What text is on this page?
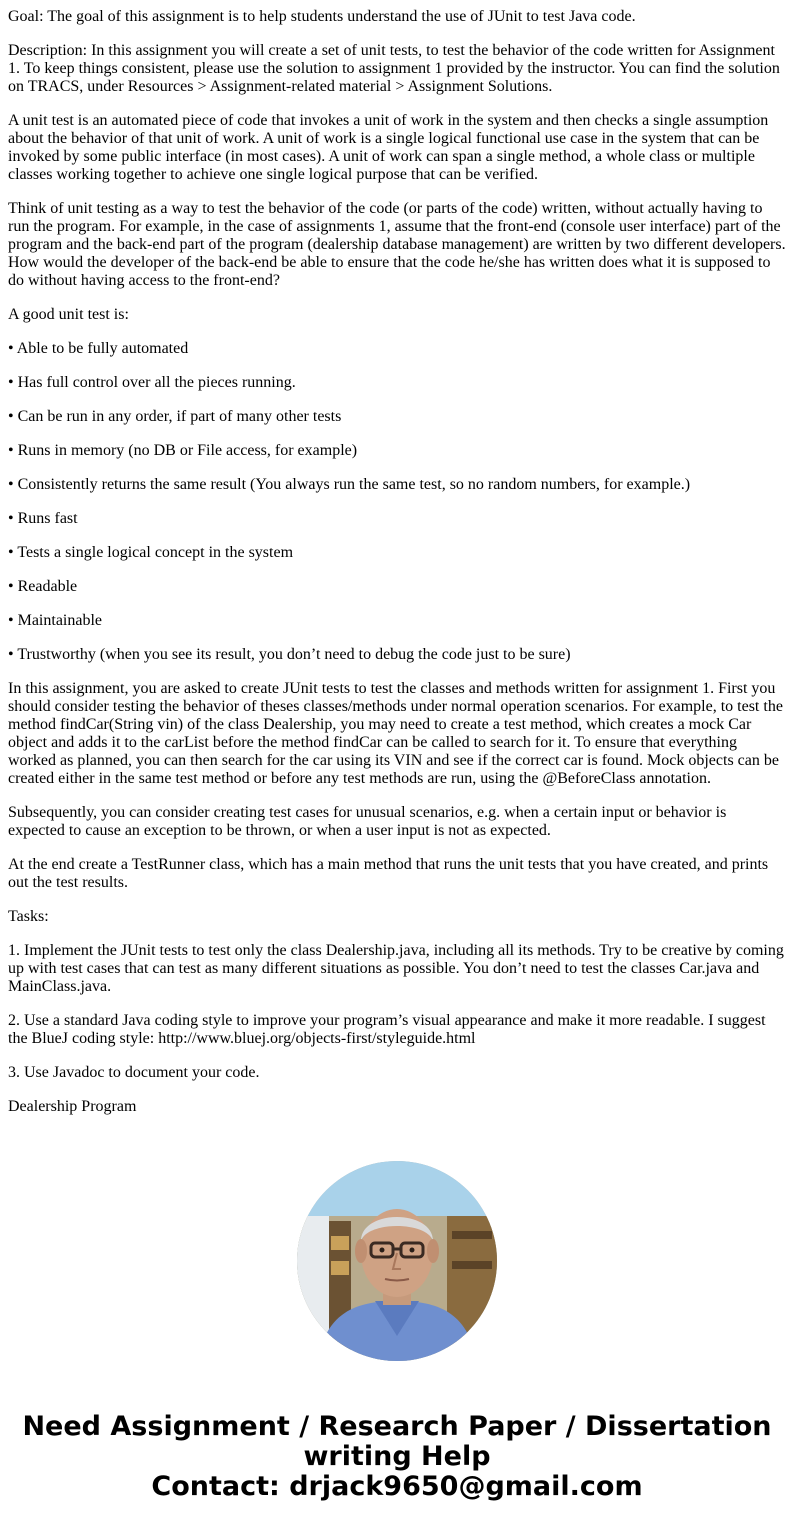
Goal: The goal of this assignment is to help students understand the use of JUnit to test Java code.

Description: In this assignment you will create a set of unit tests, to test the behavior of the code written for Assignment 1. To keep things consistent, please use the solution to assignment 1 provided by the instructor. You can find the solution on TRACS, under Resources > Assignment-related material > Assignment Solutions.

A unit test is an automated piece of code that invokes a unit of work in the system and then checks a single assumption about the behavior of that unit of work. A unit of work is a single logical functional use case in the system that can be invoked by some public interface (in most cases). A unit of work can span a single method, a whole class or multiple classes working together to achieve one single logical purpose that can be verified.

Think of unit testing as a way to test the behavior of the code (or parts of the code) written, without actually having to run the program. For example, in the case of assignments 1, assume that the front-end (console user interface) part of the program and the back-end part of the program (dealership database management) are written by two different developers. How would the developer of the back-end be able to ensure that the code he/she has written does what it is supposed to do without having access to the front-end?

A good unit test is:

• Able to be fully automated

• Has full control over all the pieces running.

• Can be run in any order, if part of many other tests

• Runs in memory (no DB or File access, for example)

• Consistently returns the same result (You always run the same test, so no random numbers, for example.)

• Runs fast

• Tests a single logical concept in the system

• Readable

• Maintainable

• Trustworthy (when you see its result, you don’t need to debug the code just to be sure)

In this assignment, you are asked to create JUnit tests to test the classes and methods written for assignment 1. First you should consider testing the behavior of theses classes/methods under normal operation scenarios. For example, to test the method findCar(String vin) of the class Dealership, you may need to create a test method, which creates a mock Car object and adds it to the carList before the method findCar can be called to search for it. To ensure that everything worked as planned, you can then search for the car using its VIN and see if the correct car is found. Mock objects can be created either in the same test method or before any test methods are run, using the @BeforeClass annotation.

Subsequently, you can consider creating test cases for unusual scenarios, e.g. when a certain input or behavior is expected to cause an exception to be thrown, or when a user input is not as expected.

At the end create a TestRunner class, which has a main method that runs the unit tests that you have created, and prints out the test results.

Tasks:

1. Implement the JUnit tests to test only the class Dealership.java, including all its methods. Try to be creative by coming up with test cases that can test as many different situations as possible. You don’t need to test the classes Car.java and MainClass.java.

2. Use a standard Java coding style to improve your program’s visual appearance and make it more readable. I suggest the BlueJ coding style: http://www.bluej.org/objects-first/styleguide.html

3. Use Javadoc to document your code.

Dealership Program

Need Assignment / Research Paper / Dissertation
writing Help
Contact: drjack9650@gmail.com
